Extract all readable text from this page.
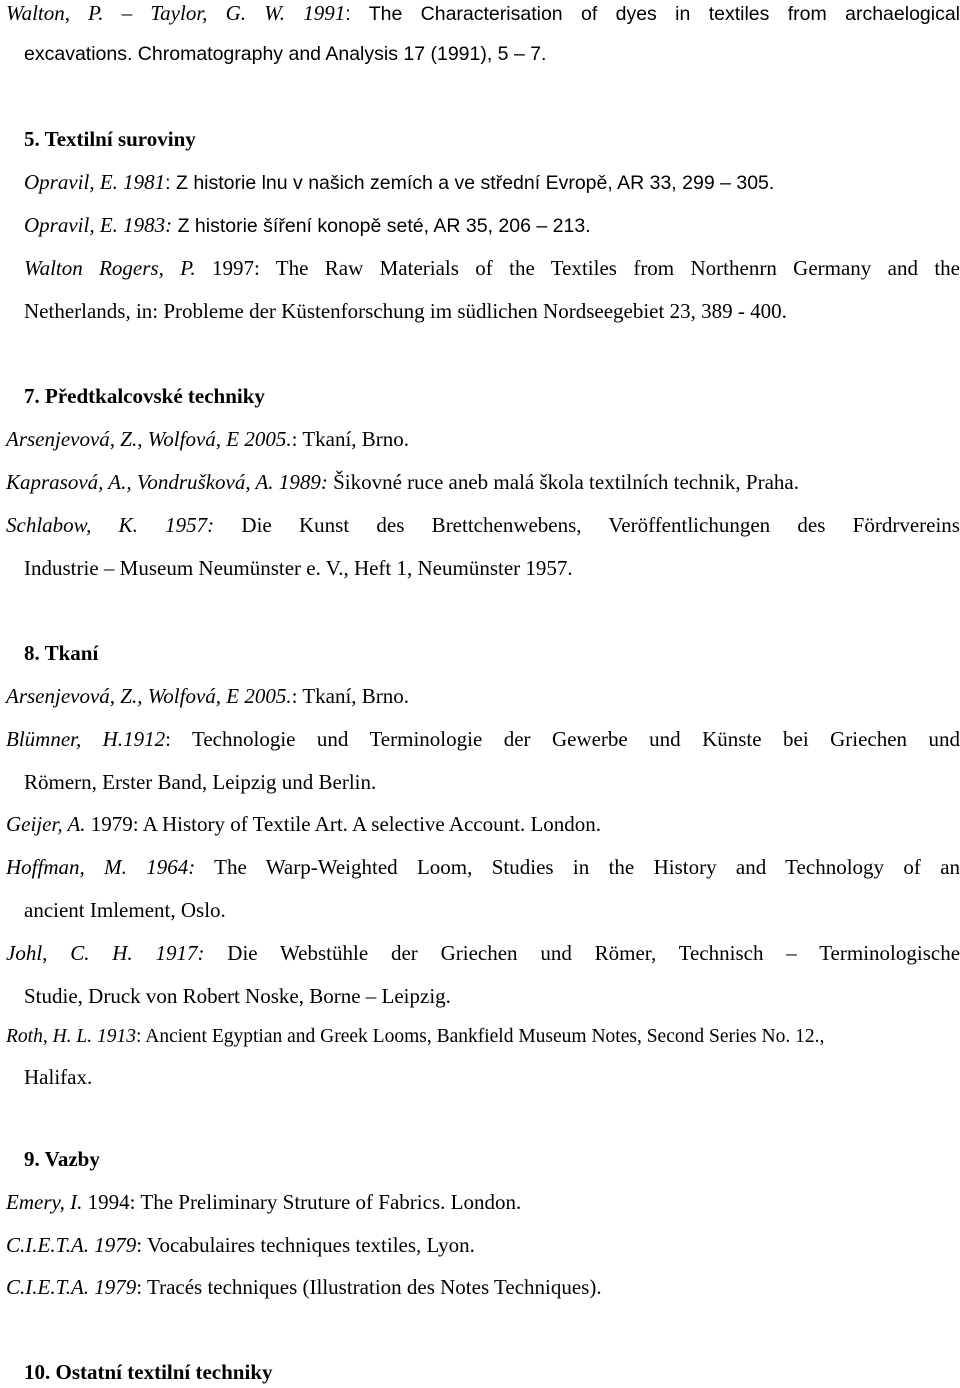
Walton, P. – Taylor, G. W. 1991: The Characterisation of dyes in textiles from archaelogical
excavations. Chromatography and Analysis 17 (1991), 5 – 7.
5. Textilní suroviny
Opravil, E. 1981: Z historie lnu v našich zemích a ve střední Evropě, AR 33, 299 – 305.
Opravil, E. 1983: Z historie šíření konopě seté, AR 35, 206 – 213.
Walton Rogers, P. 1997: The Raw Materials of the Textiles from Northenrn Germany and the
Netherlands, in: Probleme der Küstenforschung im südlichen Nordseegebiet 23, 389 - 400.
7. Předtkalcovské techniky
Arsenjevová, Z., Wolfová, E 2005.: Tkaní, Brno.
Kaprasová, A., Vondrušková, A. 1989: Šikovné ruce aneb malá škola textilních technik, Praha.
Schlabow, K. 1957: Die Kunst des Brettchenwebens, Veröffentlichungen des Fördrvereins
Industrie – Museum Neumünster e. V., Heft 1, Neumünster 1957.
8. Tkaní
Arsenjevová, Z., Wolfová, E 2005.: Tkaní, Brno.
Blümner, H.1912: Technologie und Terminologie der Gewerbe und Künste bei Griechen und
Römern, Erster Band, Leipzig und Berlin.
Geijer, A. 1979: A History of Textile Art. A selective Account. London.
Hoffman, M. 1964: The Warp-Weighted Loom, Studies in the History and Technology of an
ancient Imlement, Oslo.
Johl, C. H. 1917: Die Webstühle der Griechen und Römer, Technisch – Terminologische
Studie, Druck von Robert Noske, Borne – Leipzig.
Roth, H. L. 1913: Ancient Egyptian and Greek Looms, Bankfield Museum Notes, Second Series No. 12.,
Halifax.
9. Vazby
Emery, I. 1994: The Preliminary Struture of Fabrics. London.
C.I.E.T.A. 1979: Vocabulaires techniques textiles, Lyon.
C.I.E.T.A. 1979: Tracés techniques (Illustration des Notes Techniques).
10. Ostatní textilní techniky
